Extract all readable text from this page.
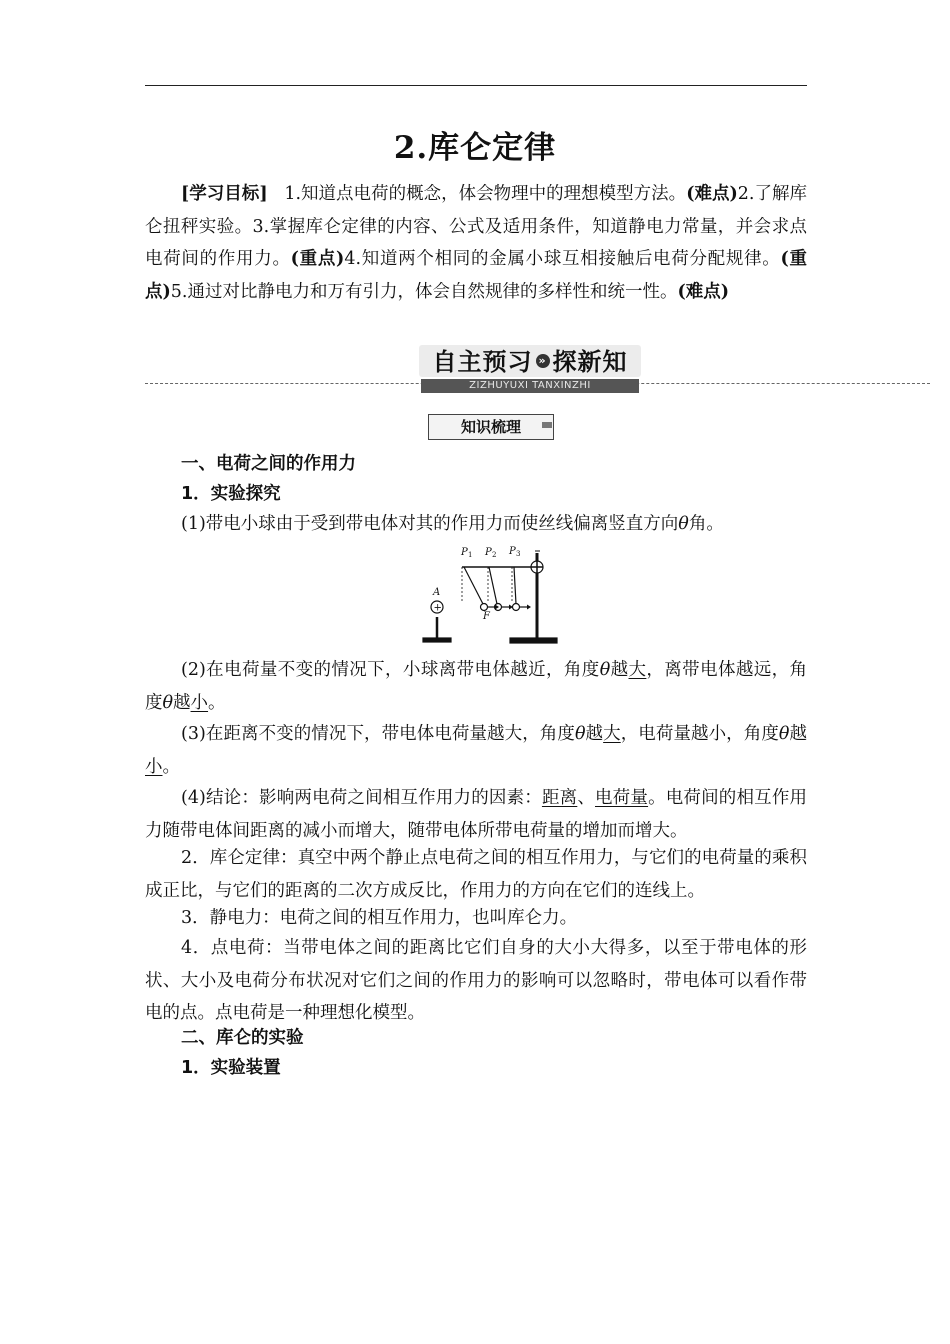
2.库仑定律
[学习目标] 1.知道点电荷的概念，体会物理中的理想模型方法。(难点)2.了解库仑扭秤实验。3.掌握库仑定律的内容、公式及适用条件，知道静电力常量，并会求点电荷间的作用力。(重点)4.知道两个相同的金属小球互相接触后电荷分配规律。(重点)5.通过对比静电力和万有引力，体会自然规律的多样性和统一性。(难点)
自主预习 » 探新知
ZIZHUYUXI TANXINZHI
知识梳理
一、电荷之间的作用力
1．实验探究
(1)带电小球由于受到带电体对其的作用力而使丝线偏离竖直方向θ角。
A
P P P
F
1	2	3
+
(2)在电荷量不变的情况下，小球离带电体越近，角度θ越大，离带电体越远，角度θ越小。
(3)在距离不变的情况下，带电体电荷量越大，角度θ越大，电荷量越小，角度θ越小。
(4)结论：影响两电荷之间相互作用力的因素：距离、电荷量。电荷间的相互作用力随带电体间距离的减小而增大，随带电体所带电荷量的增加而增大。
2．库仑定律：真空中两个静止点电荷之间的相互作用力，与它们的电荷量的乘积成正比，与它们的距离的二次方成反比，作用力的方向在它们的连线上。
3．静电力：电荷之间的相互作用力，也叫库仑力。
4．点电荷：当带电体之间的距离比它们自身的大小大得多，以至于带电体的形状、大小及电荷分布状况对它们之间的作用力的影响可以忽略时，带电体可以看作带电的点。点电荷是一种理想化模型。
二、库仑的实验
1．实验装置
